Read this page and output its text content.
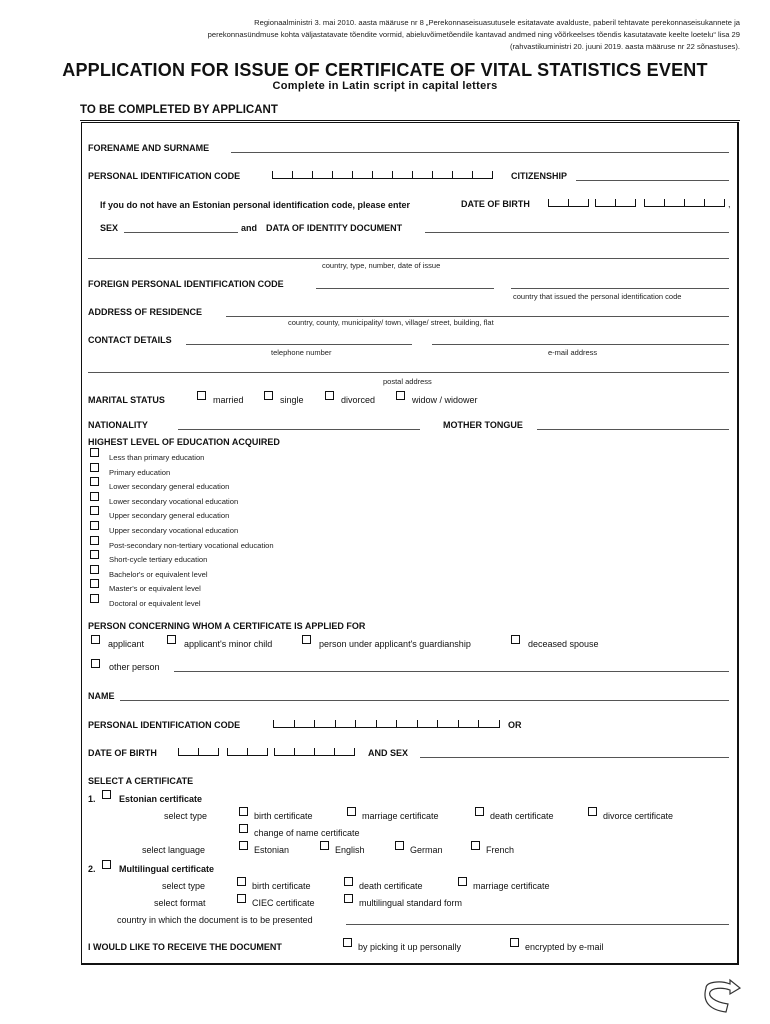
Regionaalministri 3. mai 2010. aasta määruse nr 8 „Perekonnaseisuasutusele esitatavate avalduste, paberil tehtavate perekonnaseisukannete ja
perekonnasündmuse kohta väljastatavate tõendite vormid, abieluvõimetõendile kantavad andmed ning võõrkeelses tõendis kasutatavate keelte loetelu“ lisa 29
(rahvastikuministri 20. juuni 2019. aasta määruse nr 22 sõnastuses).
APPLICATION FOR ISSUE OF CERTIFICATE OF VITAL STATISTICS EVENT
Complete in Latin script in capital letters
TO BE COMPLETED BY APPLICANT
FORENAME AND SURNAME
PERSONAL IDENTIFICATION CODE	CITIZENSHIP
If you do not have an Estonian personal identification code, please enter	DATE OF BIRTH	,
SEX	and DATA OF IDENTITY DOCUMENT
country, type, number, date of issue
FOREIGN PERSONAL IDENTIFICATION CODE
country that issued the personal identification code
ADDRESS OF RESIDENCE
country, county, municipality/ town, village/ street, building, flat
CONTACT DETAILS
telephone number	e-mail address
postal address
MARITAL STATUS	married	single	divorced	widow / widower
NATIONALITY	MOTHER TONGUE
HIGHEST LEVEL OF EDUCATION ACQUIRED
Less than primary education
Primary education
Lower secondary general education
Lower secondary vocational education
Upper secondary general education
Upper secondary vocational education
Post-secondary non-tertiary vocational education
Short-cycle tertiary education
Bachelor's or equivalent level
Master's or equivalent level
Doctoral or equivalent level
PERSON CONCERNING WHOM A CERTIFICATE IS APPLIED FOR
applicant	applicant's minor child	person under applicant's guardianship	deceased spouse
other person
NAME
PERSONAL IDENTIFICATION CODE	OR
DATE OF BIRTH	AND SEX
SELECT A CERTIFICATE
1.	Estonian certificate
select type	birth certificate	marriage certificate	death certificate	divorce certificate
change of name certificate
select language	Estonian	English	German	French
2.	Multilingual certificate
select type	birth certificate	death certificate	marriage certificate
select format	CIEC certificate	multilingual standard form
country in which the document is to be presented
I WOULD LIKE TO RECEIVE THE DOCUMENT	by picking it up personally	encrypted by e-mail
